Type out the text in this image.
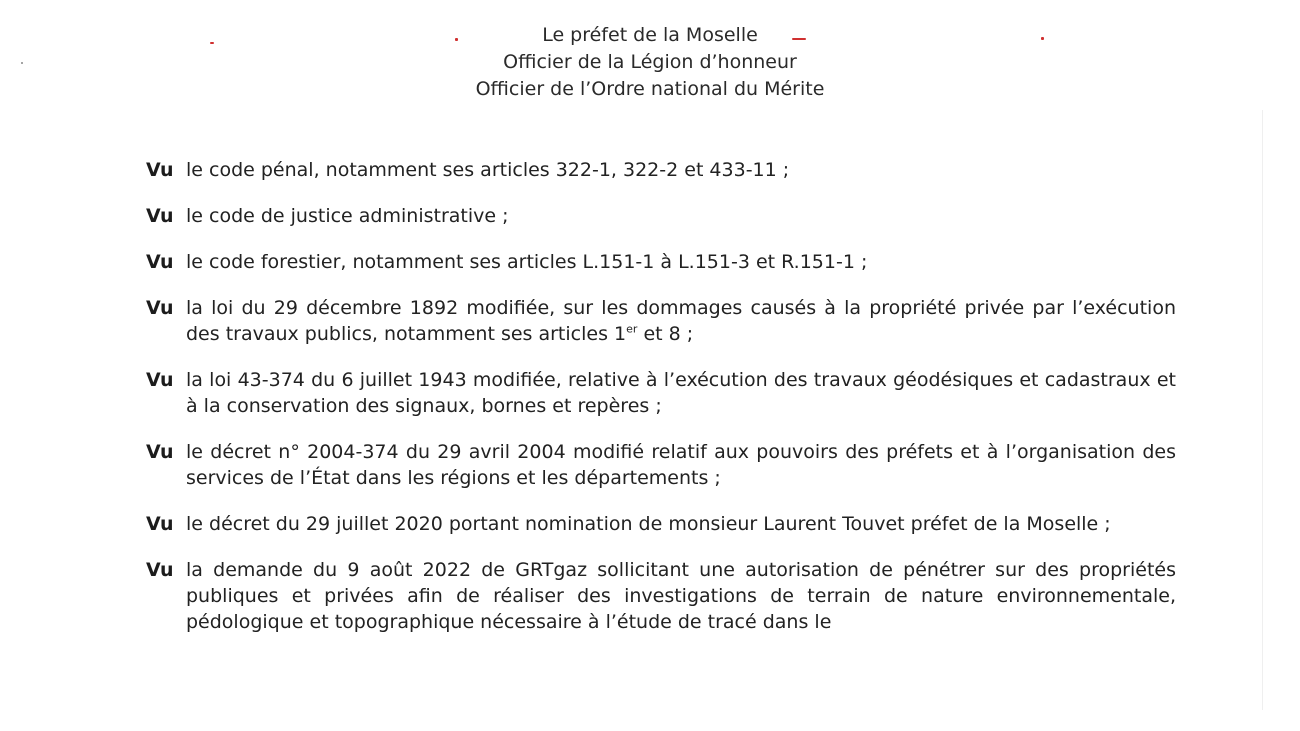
Le préfet de la Moselle
Officier de la Légion d’honneur
Officier de l’Ordre national du Mérite
Vu le code pénal, notamment ses articles 322-1, 322-2 et 433-11 ;
Vu le code de justice administrative ;
Vu le code forestier, notamment ses articles L.151-1 à L.151-3 et R.151-1 ;
Vu la loi du 29 décembre 1892 modifiée, sur les dommages causés à la propriété privée par l’exécution des travaux publics, notamment ses articles 1er et 8 ;
Vu la loi 43-374 du 6 juillet 1943 modifiée, relative à l’exécution des travaux géodésiques et cadastraux et à la conservation des signaux, bornes et repères ;
Vu le décret n° 2004-374 du 29 avril 2004 modifié relatif aux pouvoirs des préfets et à l’organisation des services de l’État dans les régions et les départements ;
Vu le décret du 29 juillet 2020 portant nomination de monsieur Laurent Touvet préfet de la Moselle ;
Vu la demande du 9 août 2022 de GRTgaz sollicitant une autorisation de pénétrer sur des propriétés publiques et privées afin de réaliser des investigations de terrain de nature environnementale, pédologique et topographique nécessaire à l’étude de tracé dans le
